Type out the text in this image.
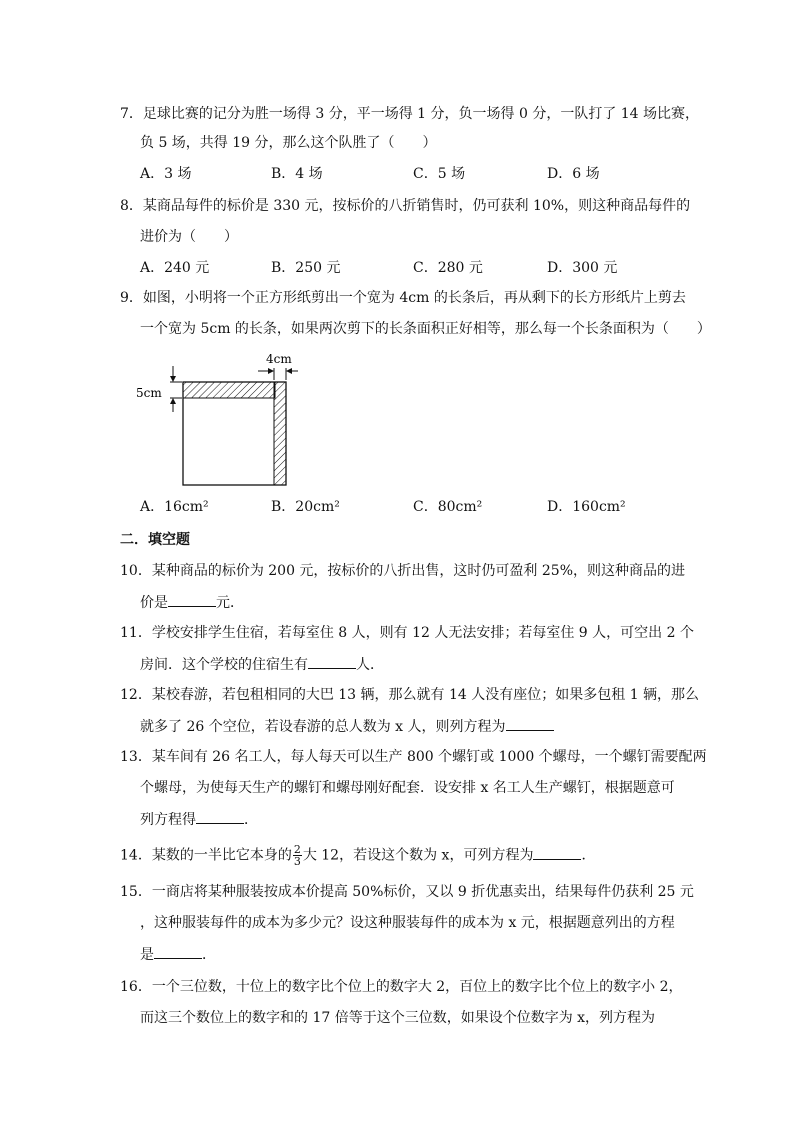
7．足球比赛的记分为胜一场得 3 分，平一场得 1 分，负一场得 0 分，一队打了 14 场比赛，
负 5 场，共得 19 分，那么这个队胜了（　　）
A．3 场	B．4 场	C．5 场	D．6 场
8．某商品每件的标价是 330 元，按标价的八折销售时，仍可获利 10%，则这种商品每件的
进价为（　　）
A．240 元	B．250 元	C．280 元	D．300 元
9．如图，小明将一个正方形纸剪出一个宽为 4cm 的长条后，再从剩下的长方形纸片上剪去
一个宽为 5cm 的长条，如果两次剪下的长条面积正好相等，那么每一个长条面积为（　　）
4cm
5cm
A．16cm²	B．20cm²	C．80cm²	D．160cm²
二．填空题
10．某种商品的标价为 200 元，按标价的八折出售，这时仍可盈利 25%，则这种商品的进
价是	元．
11．学校安排学生住宿，若每室住 8 人，则有 12 人无法安排；若每室住 9 人，可空出 2 个
房间．这个学校的住宿生有	人．
12．某校春游，若包租相同的大巴 13 辆，那么就有 14 人没有座位；如果多包租 1 辆，那么
就多了 26 个空位，若设春游的总人数为 x 人，则列方程为
13．某车间有 26 名工人，每人每天可以生产 800 个螺钉或 1000 个螺母，一个螺钉需要配两
个螺母，为使每天生产的螺钉和螺母刚好配套．设安排 x 名工人生产螺钉，根据题意可
列方程得	．
14．某数的一半比它本身的 $\frac{2}{3}$ 大 12，若设这个数为 x，可列方程为	．
15．一商店将某种服装按成本价提高 50%标价，又以 9 折优惠卖出，结果每件仍获利 25 元
，这种服装每件的成本为多少元？设这种服装每件的成本为 x 元，根据题意列出的方程
是	．
16．一个三位数，十位上的数字比个位上的数字大 2，百位上的数字比个位上的数字小 2，
而这三个数位上的数字和的 17 倍等于这个三位数，如果设个位数字为 x，列方程为
